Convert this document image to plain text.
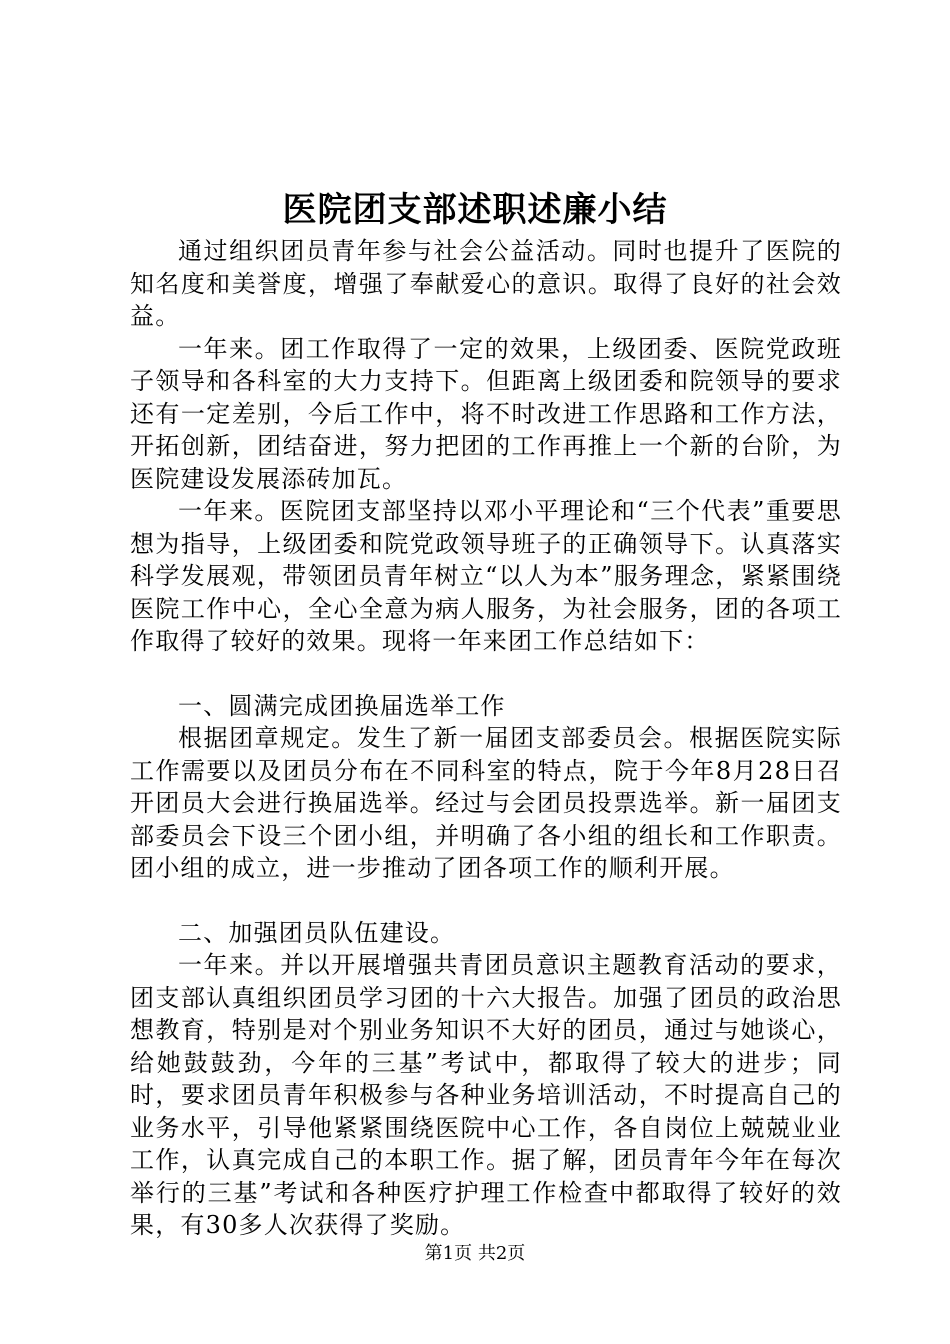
医院团支部述职述廉小结

通过组织团员青年参与社会公益活动。同时也提升了医院的知名度和美誉度，增强了奉献爱心的意识。取得了良好的社会效益。

一年来。团工作取得了一定的效果，上级团委、医院党政班子领导和各科室的大力支持下。但距离上级团委和院领导的要求还有一定差别，今后工作中，将不时改进工作思路和工作方法，开拓创新，团结奋进，努力把团的工作再推上一个新的台阶，为医院建设发展添砖加瓦。

一年来。医院团支部坚持以邓小平理论和“三个代表”重要思想为指导，上级团委和院党政领导班子的正确领导下。认真落实科学发展观，带领团员青年树立“以人为本”服务理念，紧紧围绕医院工作中心，全心全意为病人服务，为社会服务，团的各项工作取得了较好的效果。现将一年来团工作总结如下：

一、圆满完成团换届选举工作

根据团章规定。发生了新一届团支部委员会。根据医院实际工作需要以及团员分布在不同科室的特点，院于今年8月28日召开团员大会进行换届选举。经过与会团员投票选举。新一届团支部委员会下设三个团小组，并明确了各小组的组长和工作职责。团小组的成立，进一步推动了团各项工作的顺利开展。

二、加强团员队伍建设。

一年来。并以开展增强共青团员意识主题教育活动的要求，团支部认真组织团员学习团的十六大报告。加强了团员的政治思想教育，特别是对个别业务知识不大好的团员，通过与她谈心，给她鼓鼓劲，今年的三基”考试中，都取得了较大的进步；同时，要求团员青年积极参与各种业务培训活动，不时提高自己的业务水平，引导他紧紧围绕医院中心工作，各自岗位上兢兢业业工作，认真完成自己的本职工作。据了解，团员青年今年在每次举行的三基”考试和各种医疗护理工作检查中都取得了较好的效果，有30多人次获得了奖励。

第1页 共2页
